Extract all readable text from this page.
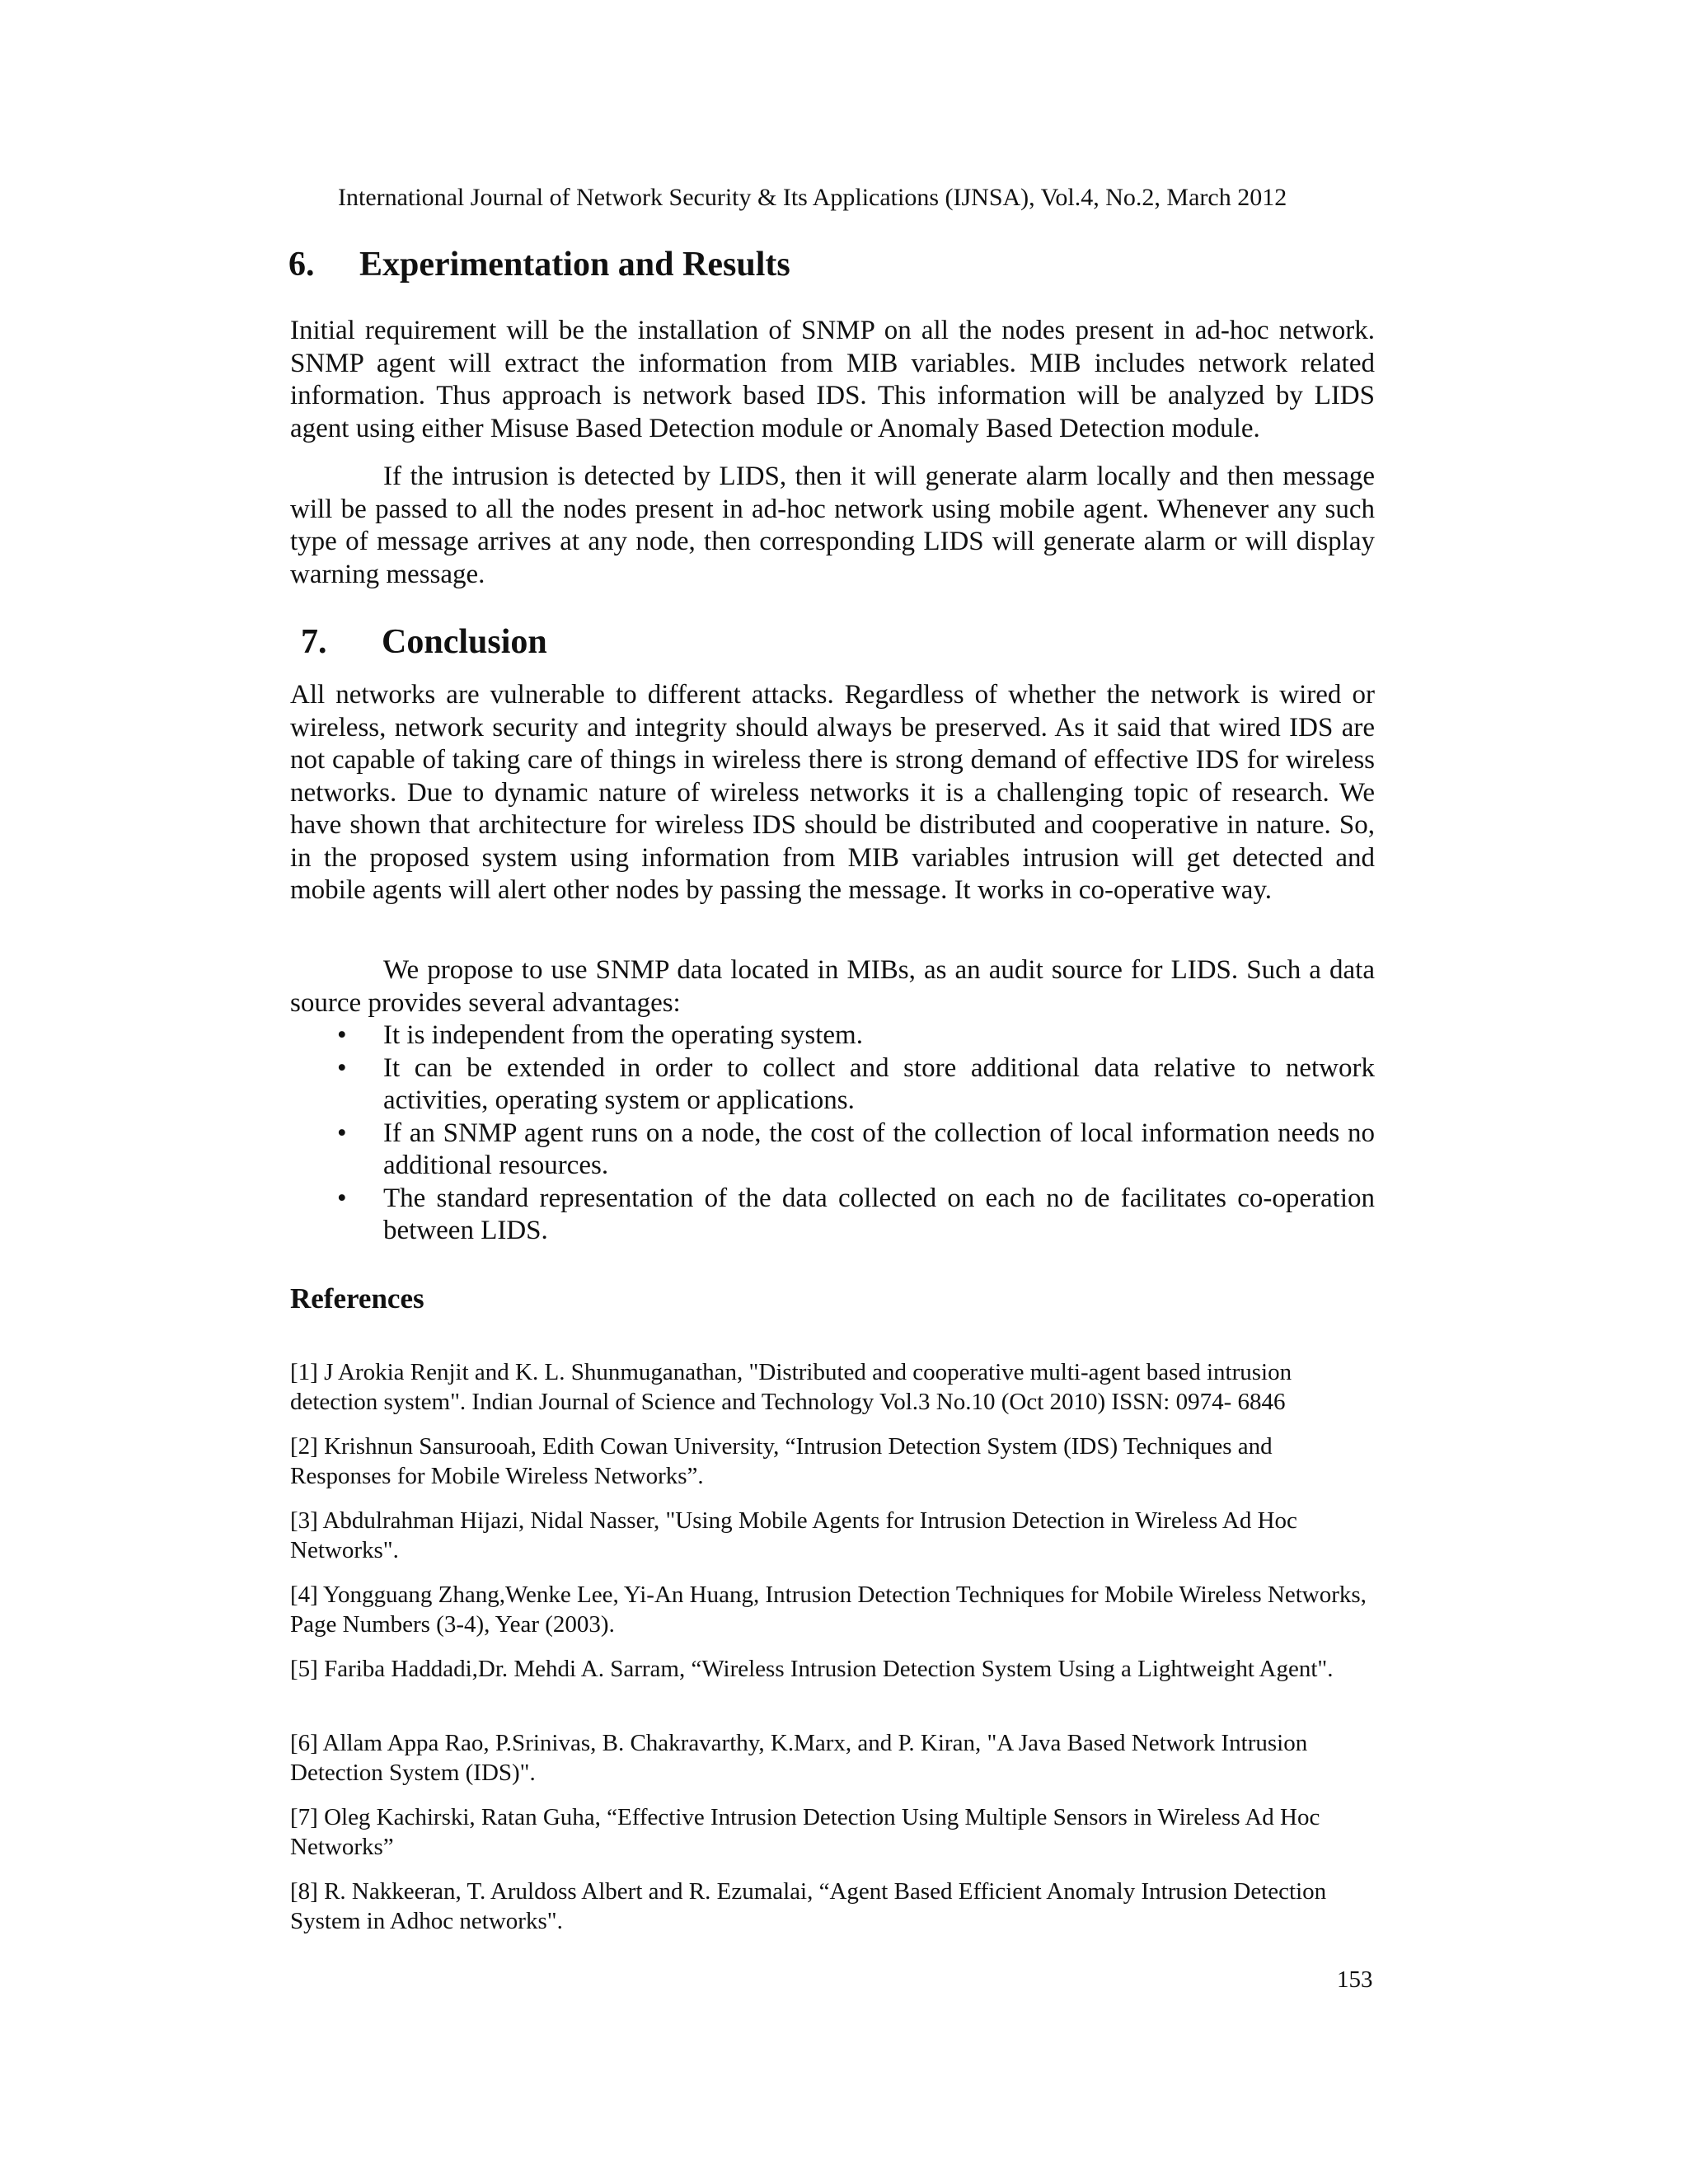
International Journal of Network Security & Its Applications (IJNSA), Vol.4, No.2, March 2012
6. Experimentation and Results

Initial requirement will be the installation of SNMP on all the nodes present in ad-hoc network. SNMP agent will extract the information from MIB variables. MIB includes network related information. Thus approach is network based IDS. This information will be analyzed by LIDS agent using either Misuse Based Detection module or Anomaly Based Detection module.

If the intrusion is detected by LIDS, then it will generate alarm locally and then message will be passed to all the nodes present in ad-hoc network using mobile agent. Whenever any such type of message arrives at any node, then corresponding LIDS will generate alarm or will display warning message.

7. Conclusion

All networks are vulnerable to different attacks. Regardless of whether the network is wired or wireless, network security and integrity should always be preserved. As it said that wired IDS are not capable of taking care of things in wireless there is strong demand of effective IDS for wireless networks. Due to dynamic nature of wireless networks it is a challenging topic of research. We have shown that architecture for wireless IDS should be distributed and cooperative in nature. So, in the proposed system using information from MIB variables intrusion will get detected and mobile agents will alert other nodes by passing the message. It works in co-operative way.

We propose to use SNMP data located in MIBs, as an audit source for LIDS. Such a data source provides several advantages:

• It is independent from the operating system.
• It can be extended in order to collect and store additional data relative to network activities, operating system or applications.
• If an SNMP agent runs on a node, the cost of the collection of local information needs no additional resources.
• The standard representation of the data collected on each no de facilitates co-operation between LIDS.
References
[1] J Arokia Renjit and K. L. Shunmuganathan, "Distributed and cooperative multi-agent based intrusion detection system". Indian Journal of Science and Technology Vol.3 No.10 (Oct 2010) ISSN: 0974- 6846
[2] Krishnun Sansurooah, Edith Cowan University, “Intrusion Detection System (IDS) Techniques and Responses for Mobile Wireless Networks”.
[3] Abdulrahman Hijazi, Nidal Nasser, "Using Mobile Agents for Intrusion Detection in Wireless Ad Hoc Networks".
[4] Yongguang Zhang,Wenke Lee, Yi-An Huang, Intrusion Detection Techniques for Mobile Wireless Networks, Page Numbers (3-4), Year (2003).
[5] Fariba Haddadi,Dr. Mehdi A. Sarram, “Wireless Intrusion Detection System Using a Lightweight Agent".
[6] Allam Appa Rao, P.Srinivas, B. Chakravarthy, K.Marx, and P. Kiran, "A Java Based Network Intrusion Detection System (IDS)".
[7] Oleg Kachirski, Ratan Guha, “Effective Intrusion Detection Using Multiple Sensors in Wireless Ad Hoc Networks”
[8] R. Nakkeeran, T. Aruldoss Albert and R. Ezumalai, “Agent Based Efficient Anomaly Intrusion Detection System in Adhoc networks".
153
